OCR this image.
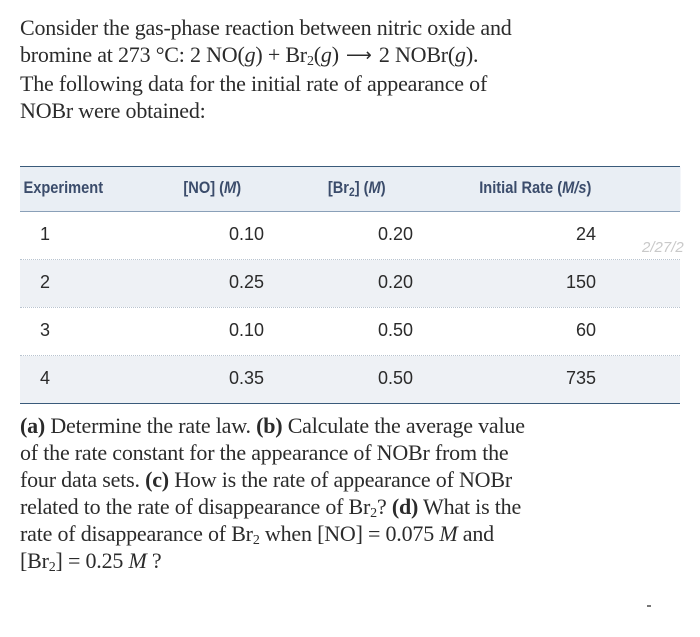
Consider the gas-phase reaction between nitric oxide and

bromine at 273 °C: 2 $NO(g) + Br_2(g)$ ⟶ 2 NOBr(g).

The following data for the initial rate of appearance of

NOBr were obtained:

Experiment	[NO] (M)	$[Br_2]$ (M)	Initial Rate (M/s)
1	0.10	0.20	24
2	0.25	0.20	150
3	0.10	0.50	60
4	0.35	0.50	735
2/27/2

(a) Determine the rate law. (b) Calculate the average value

of the rate constant for the appearance of NOBr from the

four data sets. (c) How is the rate of appearance of NOBr

related to the rate of disappearance of $Br_2$? (d) What is the

rate of disappearance of $Br_2$ when [NO] = 0.075 M and

$[Br_2] = 0.25$ M ?
